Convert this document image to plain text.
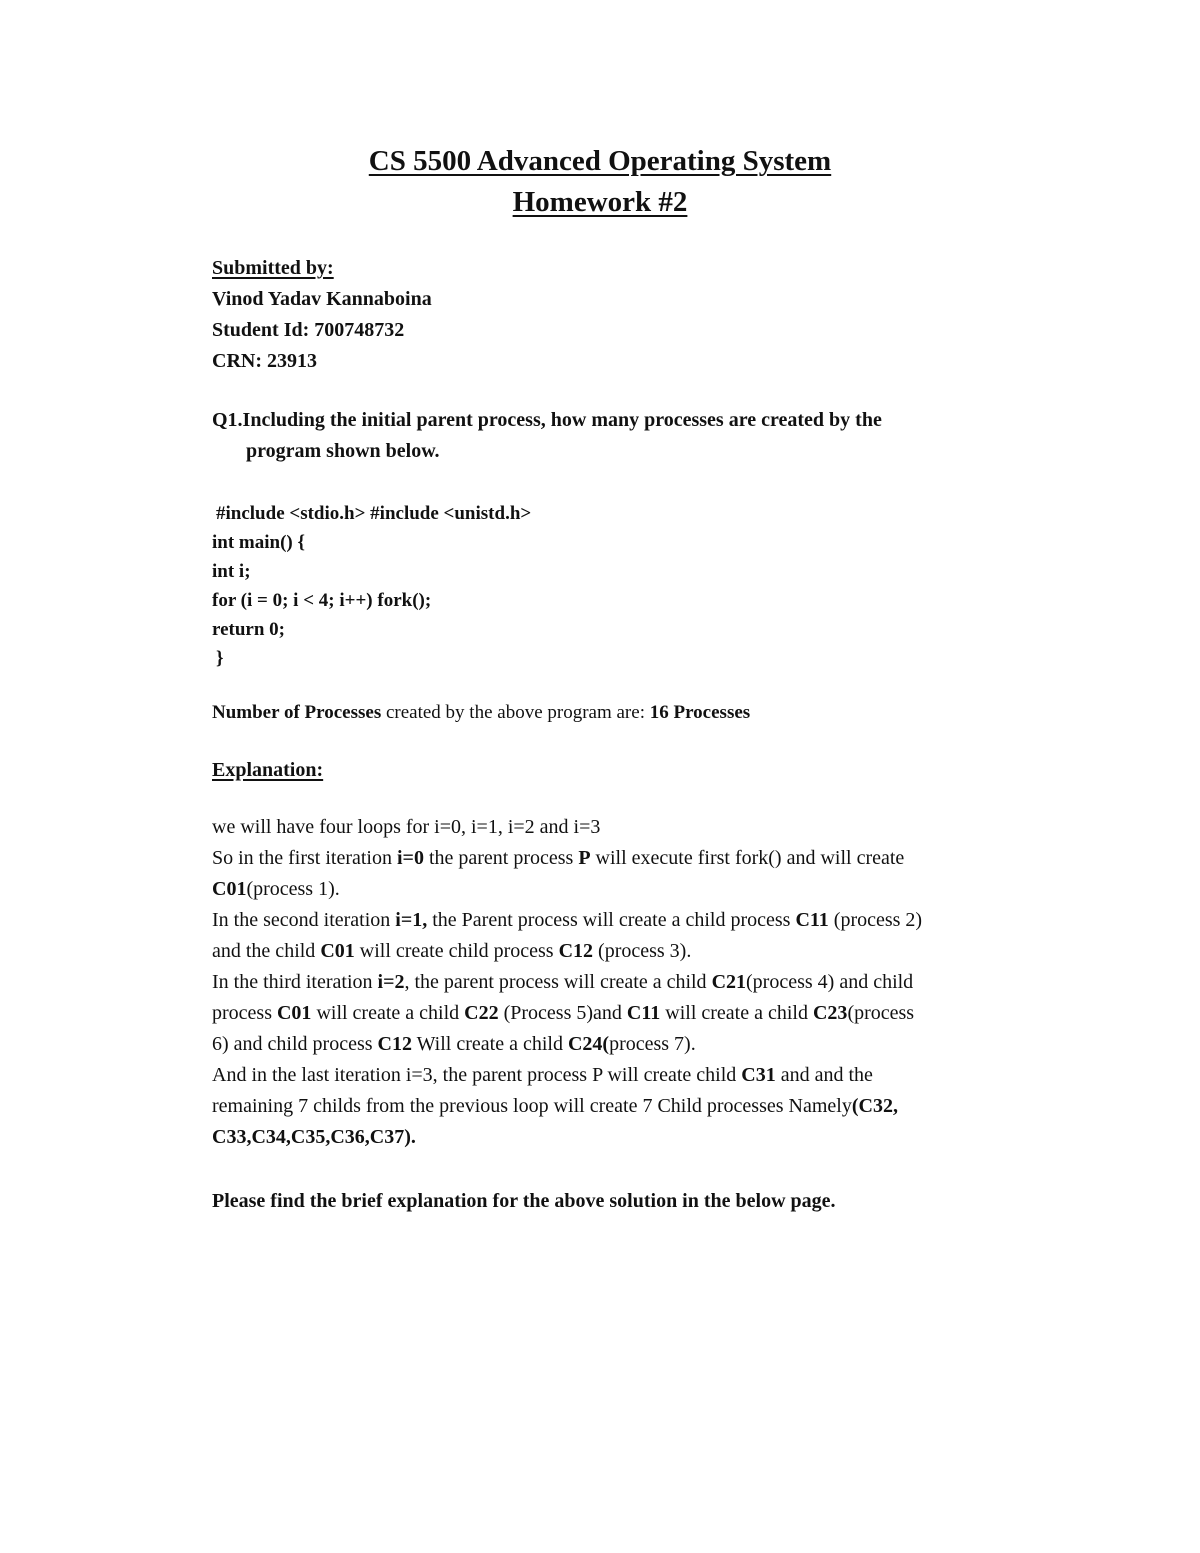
CS 5500 Advanced Operating System
Homework #2
Submitted by:
Vinod Yadav Kannaboina
Student Id: 700748732
CRN: 23913
Q1.Including the initial parent process, how many processes are created by the
program shown below.
#include <stdio.h> #include <unistd.h>
int main() {
int i;
for (i = 0; i < 4; i++) fork();
return 0;
}
Number of Processes created by the above program are: 16 Processes
Explanation:
we will have four loops for i=0, i=1, i=2 and i=3
So in the first iteration i=0 the parent process P will execute first fork() and will create
C01(process 1).
In the second iteration i=1, the Parent process will create a child process C11 (process 2)
and the child C01 will create child process C12 (process 3).
In the third iteration i=2, the parent process will create a child C21(process 4) and child
process C01 will create a child C22 (Process 5)and C11 will create a child C23(process
6) and child process C12 Will create a child C24(process 7).
And in the last iteration i=3, the parent process P will create child C31 and and the
remaining 7 childs from the previous loop will create 7 Child processes Namely(C32,
C33,C34,C35,C36,C37).
Please find the brief explanation for the above solution in the below page.
